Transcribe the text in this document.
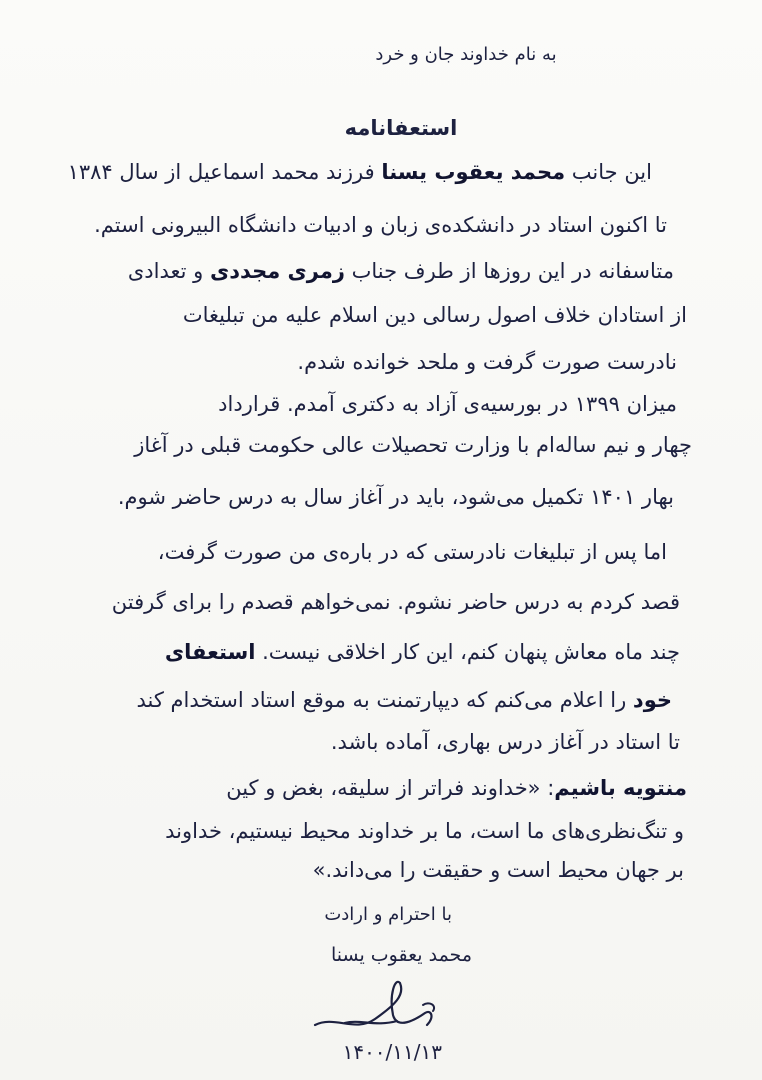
به نام خداوند جان و خرد
استعفانامه
این جانب محمد یعقوب یسنا فرزند محمد اسماعیل از سال ۱۳۸۴
تا اکنون استاد در دانشکده‌ی زبان و ادبیات دانشگاه البیرونی استم.
متاسفانه در این روزها از طرف جناب زمری مجددی و تعدادی
از استادان خلاف اصول رسالی دین اسلام علیه من تبلیغات
نادرست صورت گرفت و ملحد خوانده شدم.
میزان ۱۳۹۹ در بورسیه‌ی آزاد به دکتری آمدم. قرارداد
چهار و نیم ساله‌ام با وزارت تحصیلات عالی حکومت قبلی در آغاز
بهار ۱۴۰۱ تکمیل می‌شود، باید در آغاز سال به درس حاضر شوم.
اما پس از تبلیغات نادرستی که در باره‌ی من صورت گرفت،
قصد کردم به درس حاضر نشوم. نمی‌خواهم قصدم را برای گرفتن
چند ماه معاش پنهان کنم، این کار اخلاقی نیست. استعفای
خود را اعلام می‌کنم که دیپارتمنت به موقع استاد استخدام کند
تا استاد در آغاز درس بهاری، آماده باشد.
منتویه باشیم: «خداوند فراتر از سلیقه، بغض و کین
و تنگ‌نظری‌های ما است، ما بر خداوند محیط نیستیم، خداوند
بر جهان محیط است و حقیقت را می‌داند.»
با احترام و ارادت
محمد یعقوب یسنا
۱۴۰۰/۱۱/۱۳
